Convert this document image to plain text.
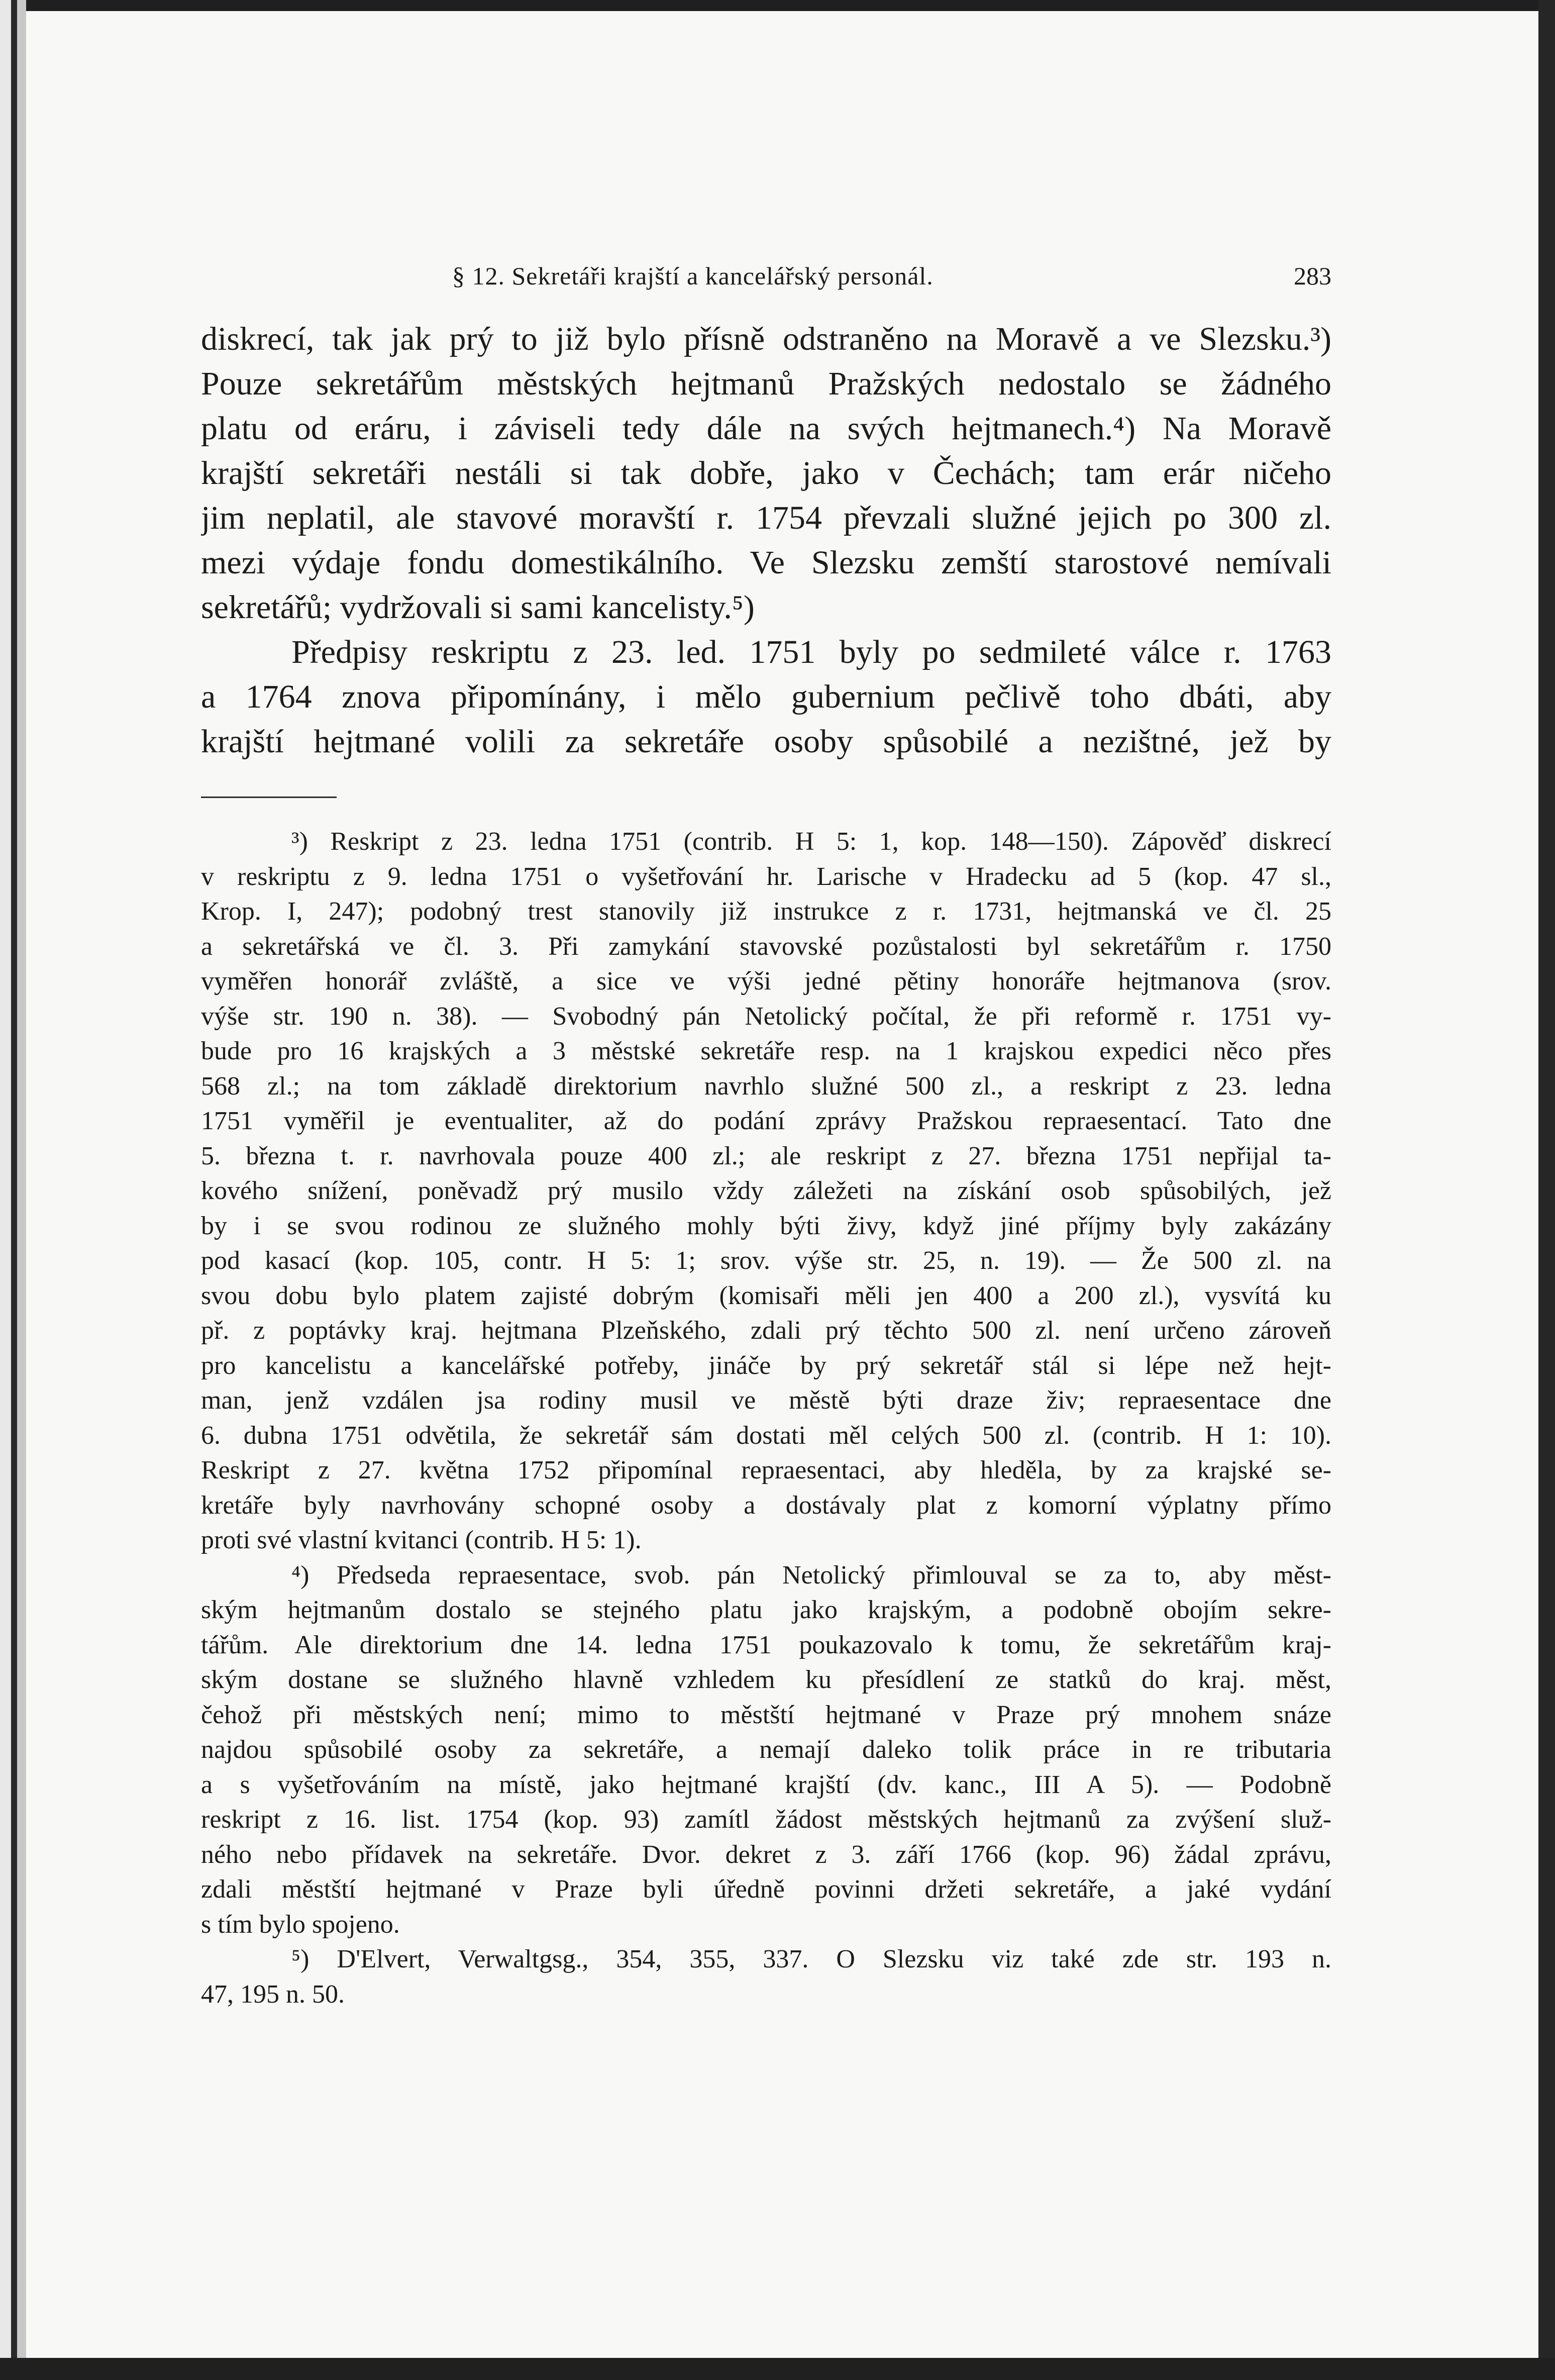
§ 12. Sekretáři krajští a kancelářský personál.	283
diskrecí, tak jak prý to již bylo přísně odstraněno na Moravě a ve Slezsku.³)
Pouze sekretářům městských hejtmanů Pražských nedostalo se žádného
platu od eráru, i záviseli tedy dále na svých hejtmanech.⁴) Na Moravě
krajští sekretáři nestáli si tak dobře, jako v Čechách; tam erár ničeho
jim neplatil, ale stavové moravští r. 1754 převzali služné jejich po 300 zl.
mezi výdaje fondu domestikálního. Ve Slezsku zemští starostové nemívali
sekretářů; vydržovali si sami kancelisty.⁵)
Předpisy reskriptu z 23. led. 1751 byly po sedmileté válce r. 1763
a 1764 znova připomínány, i mělo gubernium pečlivě toho dbáti, aby
krajští hejtmané volili za sekretáře osoby spůsobilé a nezištné, jež by
³) Reskript z 23. ledna 1751 (contrib. H 5: 1, kop. 148—150). Zápověď diskrecí
v reskriptu z 9. ledna 1751 o vyšetřování hr. Larische v Hradecku ad 5 (kop. 47 sl.,
Krop. I, 247); podobný trest stanovily již instrukce z r. 1731, hejtmanská ve čl. 25
a sekretářská ve čl. 3. Při zamykání stavovské pozůstalosti byl sekretářům r. 1750
vyměřen honorář zvláště, a sice ve výši jedné pětiny honoráře hejtmanova (srov.
výše str. 190 n. 38). — Svobodný pán Netolický počítal, že při reformě r. 1751 vy-
bude pro 16 krajských a 3 městské sekretáře resp. na 1 krajskou expedici něco přes
568 zl.; na tom základě direktorium navrhlo služné 500 zl., a reskript z 23. ledna
1751 vyměřil je eventualiter, až do podání zprávy Pražskou repraesentací. Tato dne
5. března t. r. navrhovala pouze 400 zl.; ale reskript z 27. března 1751 nepřijal ta-
kového snížení, poněvadž prý musilo vždy záležeti na získání osob spůsobilých, jež
by i se svou rodinou ze služného mohly býti živy, když jiné příjmy byly zakázány
pod kasací (kop. 105, contr. H 5: 1; srov. výše str. 25, n. 19). — Že 500 zl. na
svou dobu bylo platem zajisté dobrým (komisaři měli jen 400 a 200 zl.), vysvítá ku
př. z poptávky kraj. hejtmana Plzeňského, zdali prý těchto 500 zl. není určeno zároveň
pro kancelistu a kancelářské potřeby, jináče by prý sekretář stál si lépe než hejt-
man, jenž vzdálen jsa rodiny musil ve městě býti draze živ; repraesentace dne
6. dubna 1751 odvětila, že sekretář sám dostati měl celých 500 zl. (contrib. H 1: 10).
Reskript z 27. května 1752 připomínal repraesentaci, aby hleděla, by za krajské se-
kretáře byly navrhovány schopné osoby a dostávaly plat z komorní výplatny přímo
proti své vlastní kvitanci (contrib. H 5: 1).
⁴) Předseda repraesentace, svob. pán Netolický přimlouval se za to, aby měst-
ským hejtmanům dostalo se stejného platu jako krajským, a podobně obojím sekre-
tářům. Ale direktorium dne 14. ledna 1751 poukazovalo k tomu, že sekretářům kraj-
ským dostane se služného hlavně vzhledem ku přesídlení ze statků do kraj. měst,
čehož při městských není; mimo to městští hejtmané v Praze prý mnohem snáze
najdou spůsobilé osoby za sekretáře, a nemají daleko tolik práce in re tributaria
a s vyšetřováním na místě, jako hejtmané krajští (dv. kanc., III A 5). — Podobně
reskript z 16. list. 1754 (kop. 93) zamítl žádost městských hejtmanů za zvýšení služ-
ného nebo přídavek na sekretáře. Dvor. dekret z 3. září 1766 (kop. 96) žádal zprávu,
zdali městští hejtmané v Praze byli úředně povinni držeti sekretáře, a jaké vydání
s tím bylo spojeno.
⁵) D'Elvert, Verwaltgsg., 354, 355, 337. O Slezsku viz také zde str. 193 n.
47, 195 n. 50.
